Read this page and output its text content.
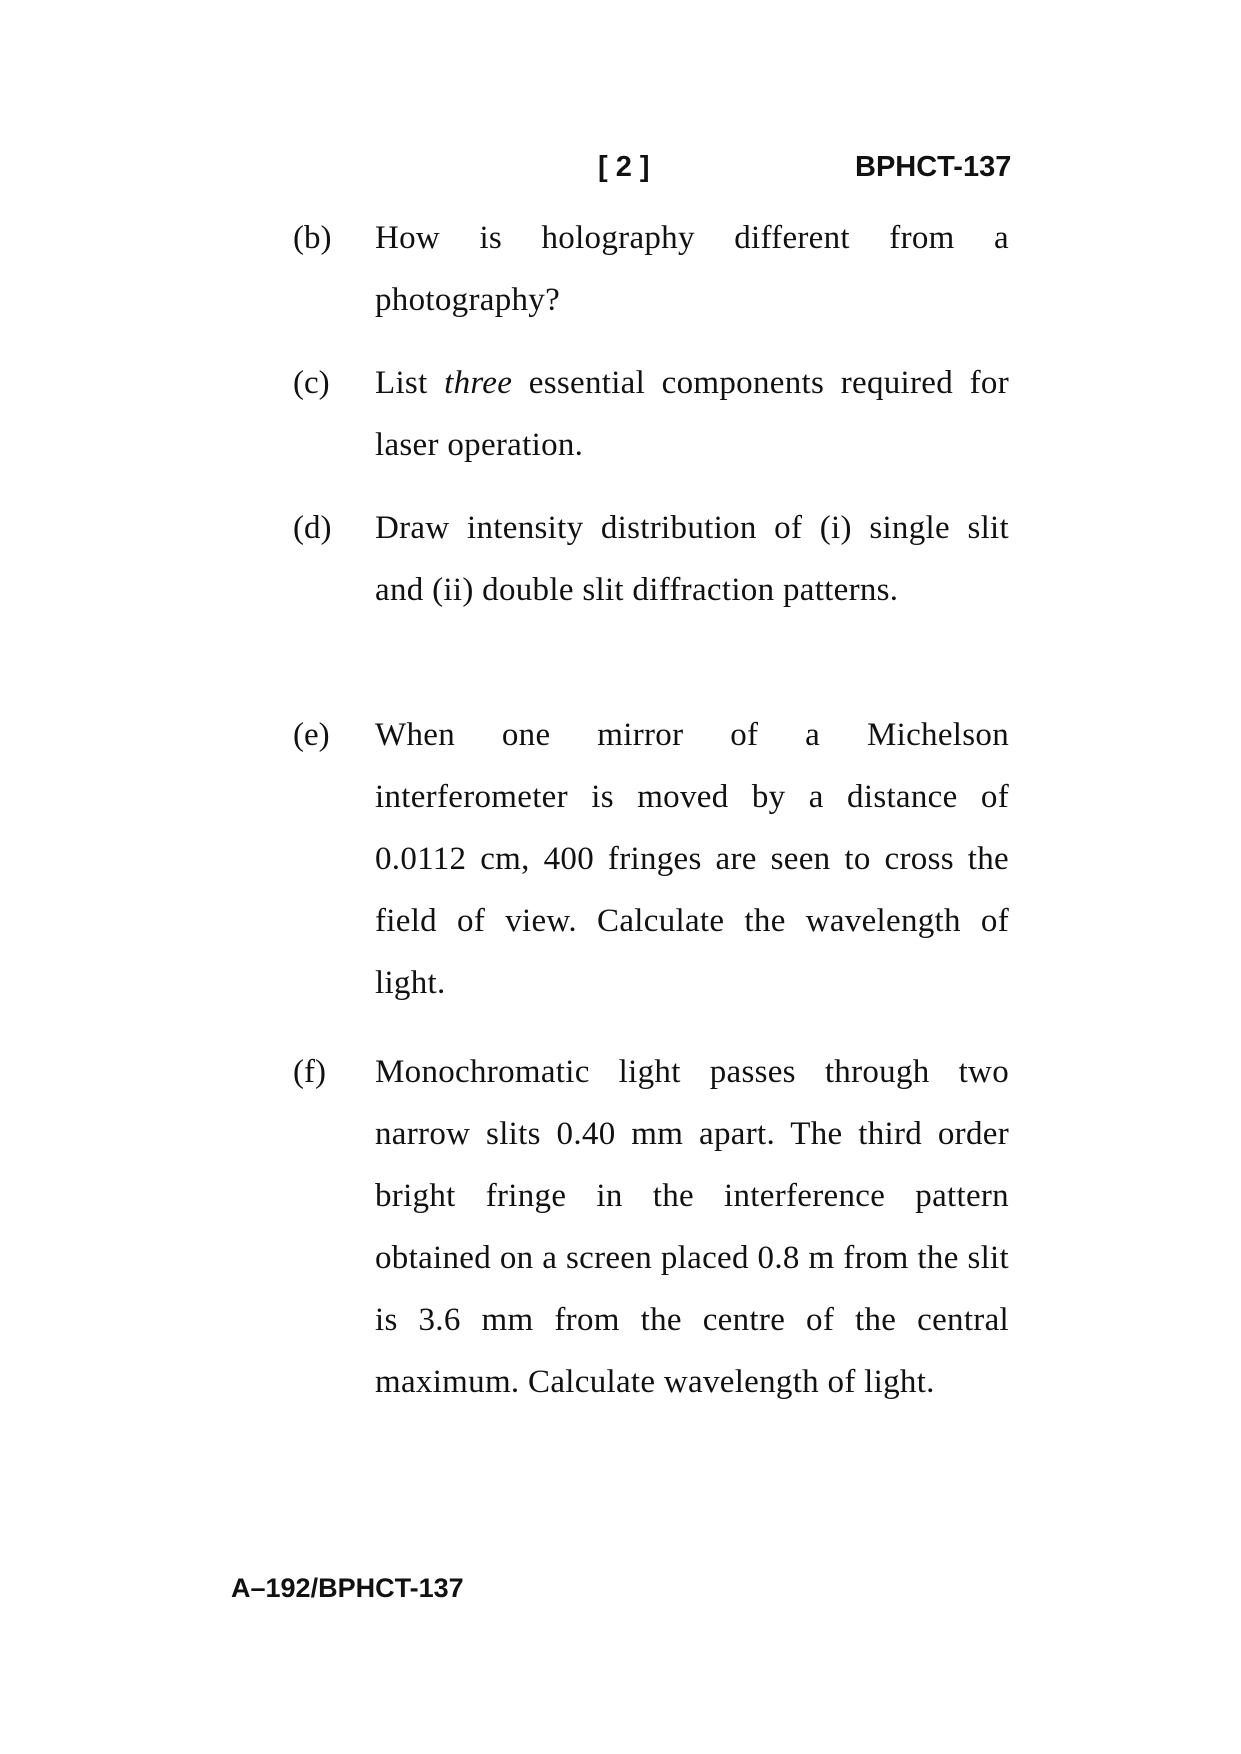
[ 2 ]	BPHCT-137
(b) How is holography different from a photography?
(c) List three essential components required for laser operation.
(d) Draw intensity distribution of (i) single slit and (ii) double slit diffraction patterns.
(e) When one mirror of a Michelson interferometer is moved by a distance of 0.0112 cm, 400 fringes are seen to cross the field of view. Calculate the wavelength of light.
(f) Monochromatic light passes through two narrow slits 0.40 mm apart. The third order bright fringe in the interference pattern obtained on a screen placed 0.8 m from the slit is 3.6 mm from the centre of the central maximum. Calculate wavelength of light.
A–192/BPHCT-137
